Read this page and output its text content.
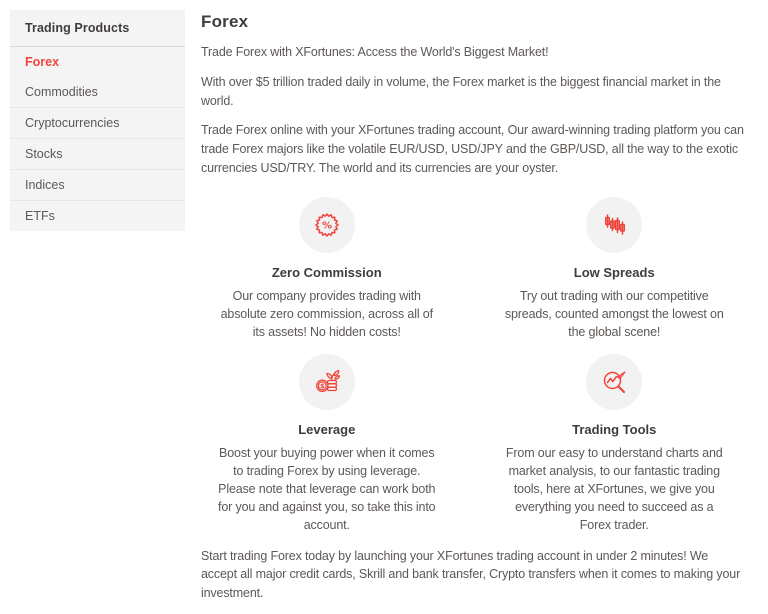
Trading Products
Forex
Commodities
Cryptocurrencies
Stocks
Indices
ETFs
Forex

Trade Forex with XFortunes: Access the World's Biggest Market!

With over $5 trillion traded daily in volume, the Forex market is the biggest financial market in the world.

Trade Forex online with your XFortunes trading account, Our award-winning trading platform you can trade Forex majors like the volatile EUR/USD, USD/JPY and the GBP/USD, all the way to the exotic currencies USD/TRY. The world and its currencies are your oyster.

%
Zero Commission

Our company provides trading with absolute zero commission, across all of its assets! No hidden costs!

Low Spreads

Try out trading with our competitive spreads, counted amongst the lowest on the global scene!

$
Leverage

Boost your buying power when it comes to trading Forex by using leverage. Please note that leverage can work both for you and against you, so take this into account.

Trading Tools

From our easy to understand charts and market analysis, to our fantastic trading tools, here at XFortunes, we give you everything you need to succeed as a Forex trader.

Start trading Forex today by launching your XFortunes trading account in under 2 minutes! We accept all major credit cards, Skrill and bank transfer, Crypto transfers when it comes to making your investment.
